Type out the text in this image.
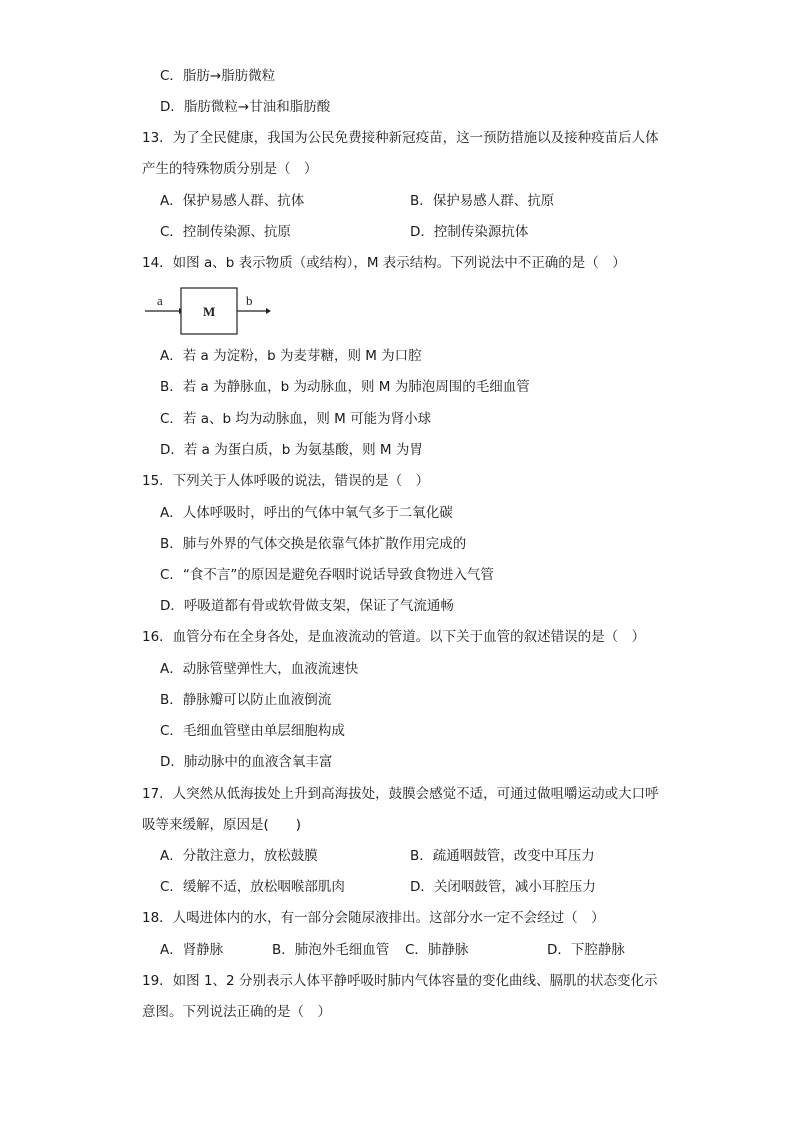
C．脂肪→脂肪微粒
D．脂肪微粒→甘油和脂肪酸
13．为了全民健康，我国为公民免费接种新冠疫苗，这一预防措施以及接种疫苗后人体
产生的特殊物质分别是（　）
A．保护易感人群、抗体	B．保护易感人群、抗原
C．控制传染源、抗原	D．控制传染源抗体
14．如图 a、b 表示物质（或结构），M 表示结构。下列说法中不正确的是（　）
a
M
b
A．若 a 为淀粉，b 为麦芽糖，则 M 为口腔
B．若 a 为静脉血，b 为动脉血，则 M 为肺泡周围的毛细血管
C．若 a、b 均为动脉血，则 M 可能为肾小球
D．若 a 为蛋白质，b 为氨基酸，则 M 为胃
15．下列关于人体呼吸的说法，错误的是（　）
A．人体呼吸时，呼出的气体中氧气多于二氧化碳
B．肺与外界的气体交换是依靠气体扩散作用完成的
C．“食不言”的原因是避免吞咽时说话导致食物进入气管
D．呼吸道都有骨或软骨做支架，保证了气流通畅
16．血管分布在全身各处，是血液流动的管道。以下关于血管的叙述错误的是（　）
A．动脉管壁弹性大，血液流速快
B．静脉瓣可以防止血液倒流
C．毛细血管壁由单层细胞构成
D．肺动脉中的血液含氧丰富
17．人突然从低海拔处上升到高海拔处，鼓膜会感觉不适，可通过做咀嚼运动或大口呼
吸等来缓解，原因是(　　)
A．分散注意力，放松鼓膜	B．疏通咽鼓管，改变中耳压力
C．缓解不适，放松咽喉部肌肉	D．关闭咽鼓管，减小耳腔压力
18．人喝进体内的水，有一部分会随尿液排出。这部分水一定不会经过（　）
A．肾静脉	B．肺泡外毛细血管 C．肺静脉	D．下腔静脉
19．如图 1、2 分别表示人体平静呼吸时肺内气体容量的变化曲线、膈肌的状态变化示
意图。下列说法正确的是（　）
